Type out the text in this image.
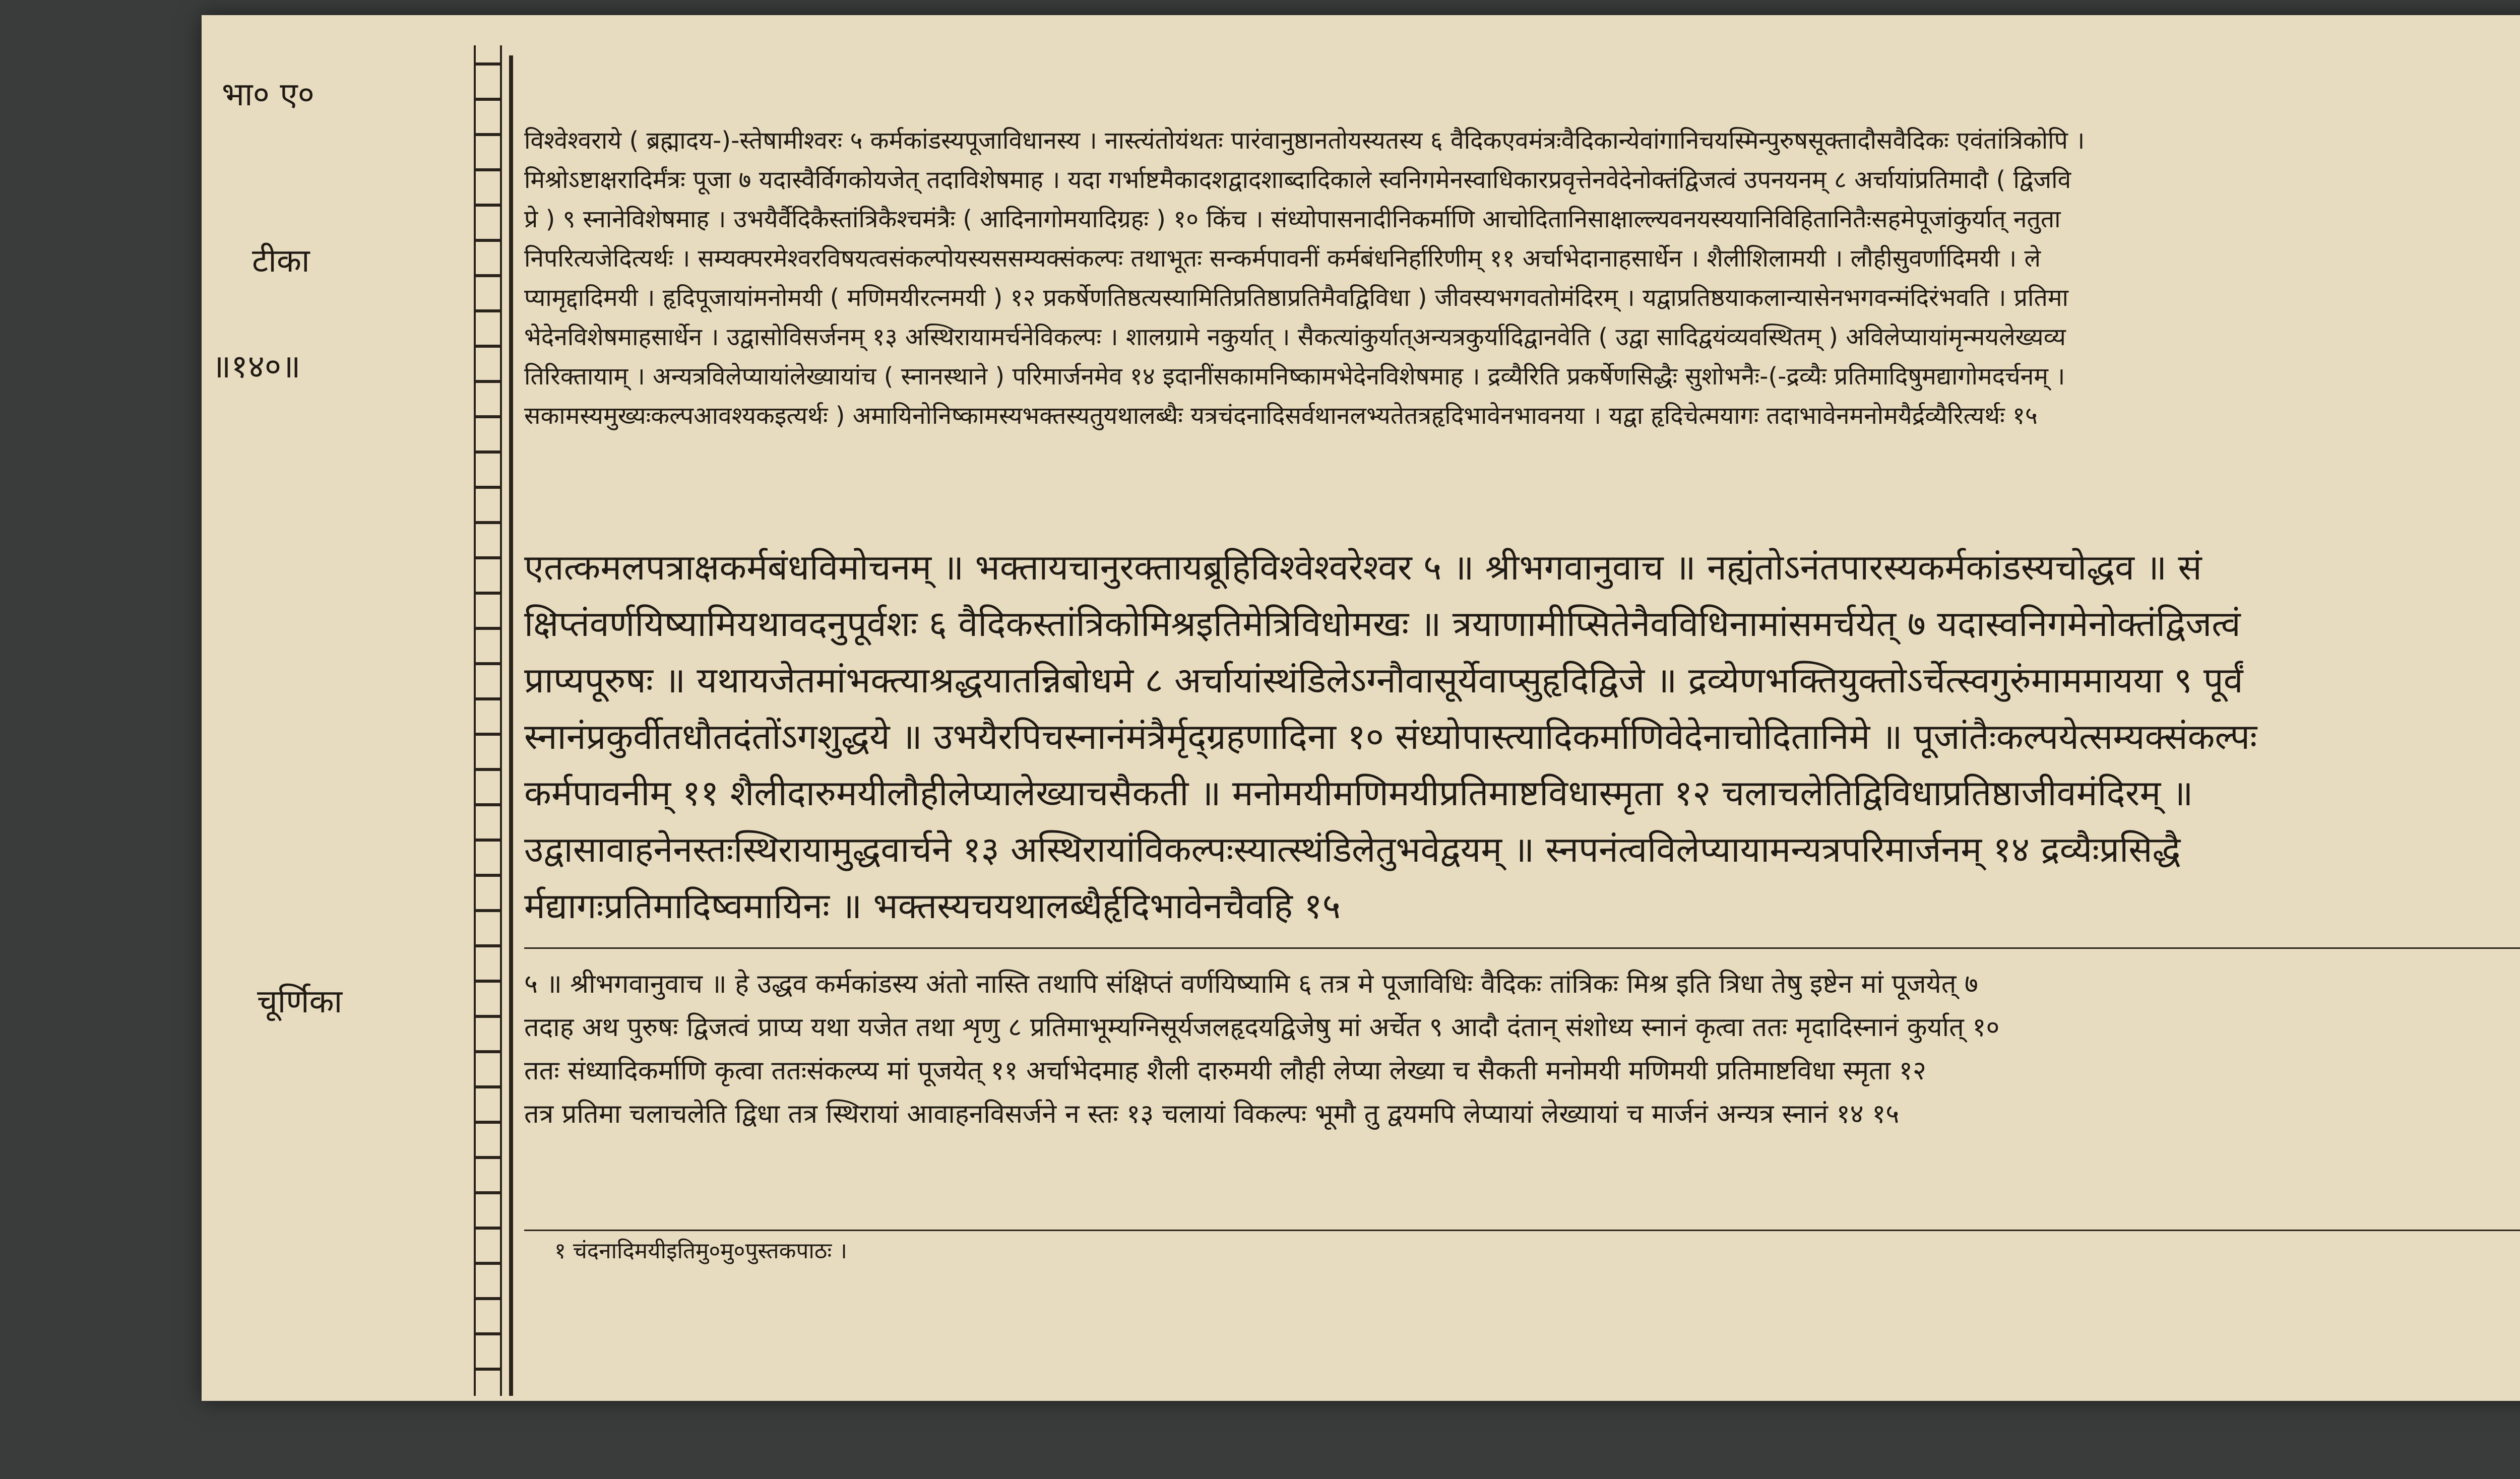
भा० ए०
टीका
॥१४०॥
चूर्णिका
विश्वेश्वराये ( ब्रह्मादय-)-स्तेषामीश्वरः ५ कर्मकांडस्यपूजाविधानस्य । नास्त्यंतोयंथतः पारंवानुष्ठानतोयस्यतस्य ६ वैदिकएवमंत्रःवैदिकान्येवांगानिचयस्मिन्पुरुषसूक्तादौसवैदिकः एवंतांत्रिकोपि ।
मिश्रोऽष्टाक्षरादिर्मंत्रः पूजा ७ यदास्वैर्विगकोयजेत् तदाविशेषमाह । यदा गर्भाष्टमैकादशद्वादशाब्दादिकाले स्वनिगमेनस्वाधिकारप्रवृत्तेनवेदेनोक्तंद्विजत्वं उपनयनम् ८ अर्चायांप्रतिमादौ ( द्विजवि
प्रे ) ९ स्नानेविशेषमाह । उभयैर्वैदिकैस्तांत्रिकैश्चमंत्रैः ( आदिनागोमयादिग्रहः ) १० किंच । संध्योपासनादीनिकर्माणि आचोदितानिसाक्षाल्ल्यवनयस्ययानिविहितानितैःसहमेपूजांकुर्यात् नतुता
निपरित्यजेदित्यर्थः । सम्यक्परमेश्वरविषयत्वसंकल्पोयस्यससम्यक्संकल्पः तथाभूतः सन्कर्मपावनीं कर्मबंधनिर्हारिणीम् ११ अर्चाभेदानाहसार्धेन । शैलीशिलामयी । लौहीसुवर्णादिमयी । ले
प्यामृद्दादिमयी । हृदिपूजायांमनोमयी ( मणिमयीरत्नमयी ) १२ प्रकर्षेणतिष्ठत्यस्यामितिप्रतिष्ठाप्रतिमैवद्विविधा ) जीवस्यभगवतोमंदिरम् । यद्वाप्रतिष्ठयाकलान्यासेनभगवन्मंदिरंभवति । प्रतिमा
भेदेनविशेषमाहसार्धेन । उद्वासोविसर्जनम् १३ अस्थिरायामर्चनेविकल्पः । शालग्रामे नकुर्यात् । सैकत्यांकुर्यात्अन्यत्रकुर्यादिद्वानवेति ( उद्वा सादिद्वयंव्यवस्थितम् ) अविलेप्यायांमृन्मयलेख्यव्य
तिरिक्तायाम् । अन्यत्रविलेप्यायांलेख्यायांच ( स्नानस्थाने ) परिमार्जनमेव १४ इदानींसकामनिष्कामभेदेनविशेषमाह । द्रव्यैरिति प्रकर्षेणसिद्धैः सुशोभनैः-(-द्रव्यैः प्रतिमादिषुमद्यागोमदर्चनम् ।
सकामस्यमुख्यःकल्पआवश्यकइत्यर्थः ) अमायिनोनिष्कामस्यभक्तस्यतुयथालब्धैः यत्रचंदनादिसर्वथानलभ्यतेतत्रहृदिभावेनभावनया । यद्वा हृदिचेत्मयागः तदाभावेनमनोमयैर्द्रव्यैरित्यर्थः १५
एतत्कमलपत्राक्षकर्मबंधविमोचनम् ॥ भक्तायचानुरक्तायब्रूहिविश्वेश्वरेश्वर ५ ॥ श्रीभगवानुवाच ॥ नह्यंतोऽनंतपारस्यकर्मकांडस्यचोद्धव ॥ सं
क्षिप्तंवर्णयिष्यामियथावदनुपूर्वशः ६ वैदिकस्तांत्रिकोमिश्रइतिमेत्रिविधोमखः ॥ त्रयाणामीप्सितेनैवविधिनामांसमर्चयेत् ७ यदास्वनिगमेनोक्तंद्विजत्वं
प्राप्यपूरुषः ॥ यथायजेतमांभक्त्याश्रद्धयातन्निबोधमे ८ अर्चायांस्थंडिलेऽग्नौवासूर्येवाप्सुहृदिद्विजे ॥ द्रव्येणभक्तियुक्तोऽर्चेत्स्वगुरुंमाममायया ९ पूर्वं
स्नानंप्रकुर्वीतधौतदंतोंऽगशुद्धये ॥ उभयैरपिचस्नानंमंत्रैर्मृद्ग्रहणादिना १० संध्योपास्त्यादिकर्माणिवेदेनाचोदितानिमे ॥ पूजांतैःकल्पयेत्सम्यक्संकल्पः
कर्मपावनीम् ११ शैलीदारुमयीलौहीलेप्यालेख्याचसैकती ॥ मनोमयीमणिमयीप्रतिमाष्टविधास्मृता १२ चलाचलेतिद्विविधाप्रतिष्ठाजीवमंदिरम् ॥
उद्वासावाहनेनस्तःस्थिरायामुद्धवार्चने १३ अस्थिरायांविकल्पःस्यात्स्थंडिलेतुभवेद्वयम् ॥ स्नपनंत्वविलेप्यायामन्यत्रपरिमार्जनम् १४ द्रव्यैःप्रसिद्धै
र्मद्यागःप्रतिमादिष्वमायिनः ॥ भक्तस्यचयथालब्धैर्हृदिभावेनचैवहि १५
५ ॥ श्रीभगवानुवाच ॥ हे उद्धव कर्मकांडस्य अंतो नास्ति तथापि संक्षिप्तं वर्णयिष्यामि ६ तत्र मे पूजाविधिः वैदिकः तांत्रिकः मिश्र इति त्रिधा तेषु इष्टेन मां पूजयेत् ७
तदाह अथ पुरुषः द्विजत्वं प्राप्य यथा यजेत तथा शृणु ८ प्रतिमाभूम्यग्निसूर्यजलहृदयद्विजेषु मां अर्चेत ९ आदौ दंतान् संशोध्य स्नानं कृत्वा ततः मृदादिस्नानं कुर्यात् १०
ततः संध्यादिकर्माणि कृत्वा ततःसंकल्प्य मां पूजयेत् ११ अर्चाभेदमाह शैली दारुमयी लौही लेप्या लेख्या च सैकती मनोमयी मणिमयी प्रतिमाष्टविधा स्मृता १२
तत्र प्रतिमा चलाचलेति द्विधा तत्र स्थिरायां आवाहनविसर्जने न स्तः १३ चलायां विकल्पः भूमौ तु द्वयमपि लेप्यायां लेख्यायां च मार्जनं अन्यत्र स्नानं १४ १५
१ चंदनादिमयीइतिमु०मु०पुस्तकपाठः ।
